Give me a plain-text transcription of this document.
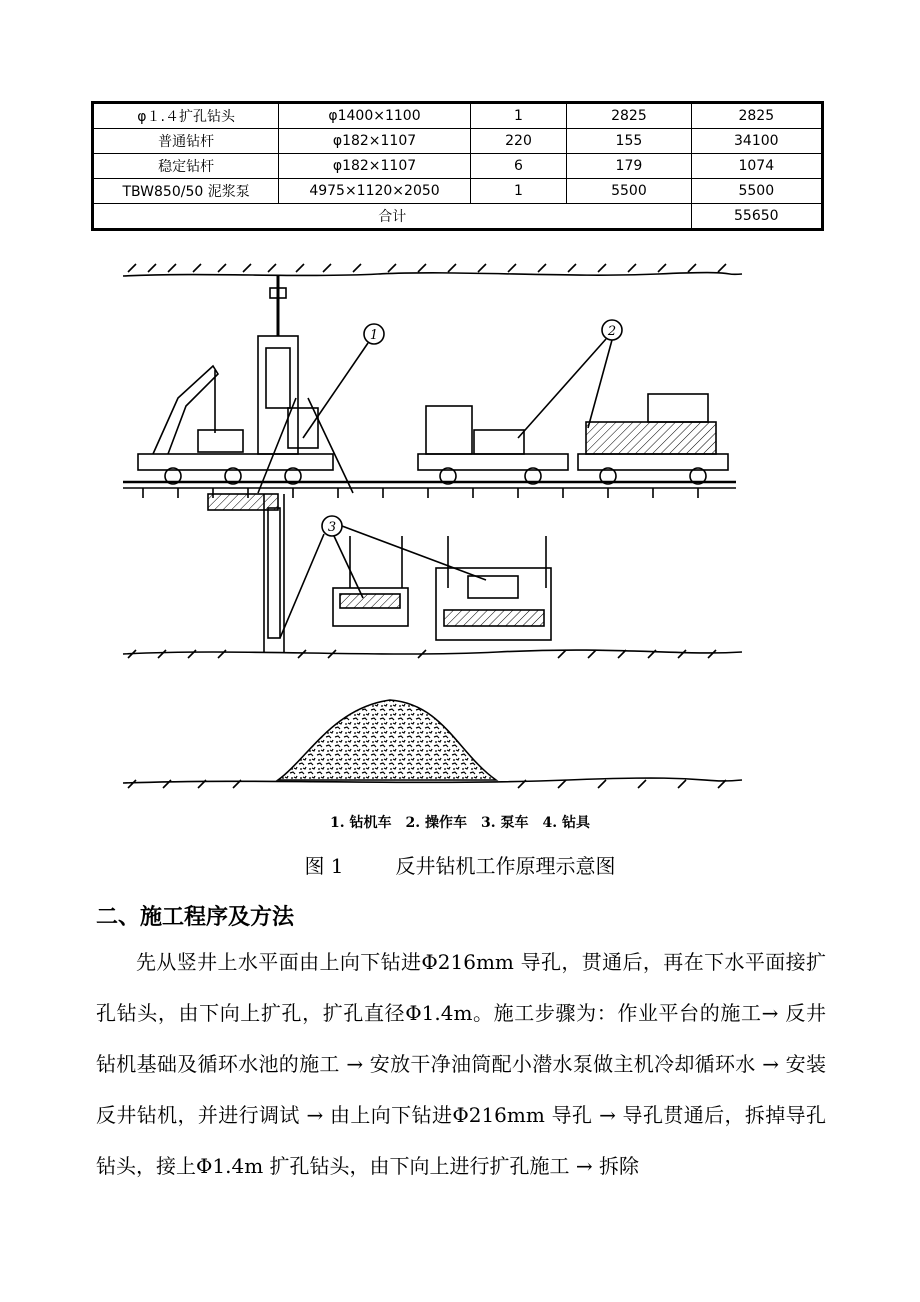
φ１.４扩孔钻头	φ1400×1100	1	2825	2825
普通钻杆	φ182×1107	220	155	34100
稳定钻杆	φ182×1107	6	179	1074
TBW850/50 泥浆泵	4975×1120×2050	1	5500	5500
合计				55650
1	2
3
1. 钻机车　2. 操作车　3. 泵车　4. 钻具
图 1	反井钻机工作原理示意图
二、施工程序及方法

先从竖井上水平面由上向下钻进Φ216mm 导孔，贯通后，再在下水平面接扩孔钻头，由下向上扩孔，扩孔直径Φ1.4m。施工步骤为：作业平台的施工→ 反井钻机基础及循环水池的施工 → 安放干净油筒配小潜水泵做主机冷却循环水 → 安装反井钻机，并进行调试 → 由上向下钻进Φ216mm 导孔 → 导孔贯通后，拆掉导孔钻头，接上Φ1.4m 扩孔钻头，由下向上进行扩孔施工 → 拆除
